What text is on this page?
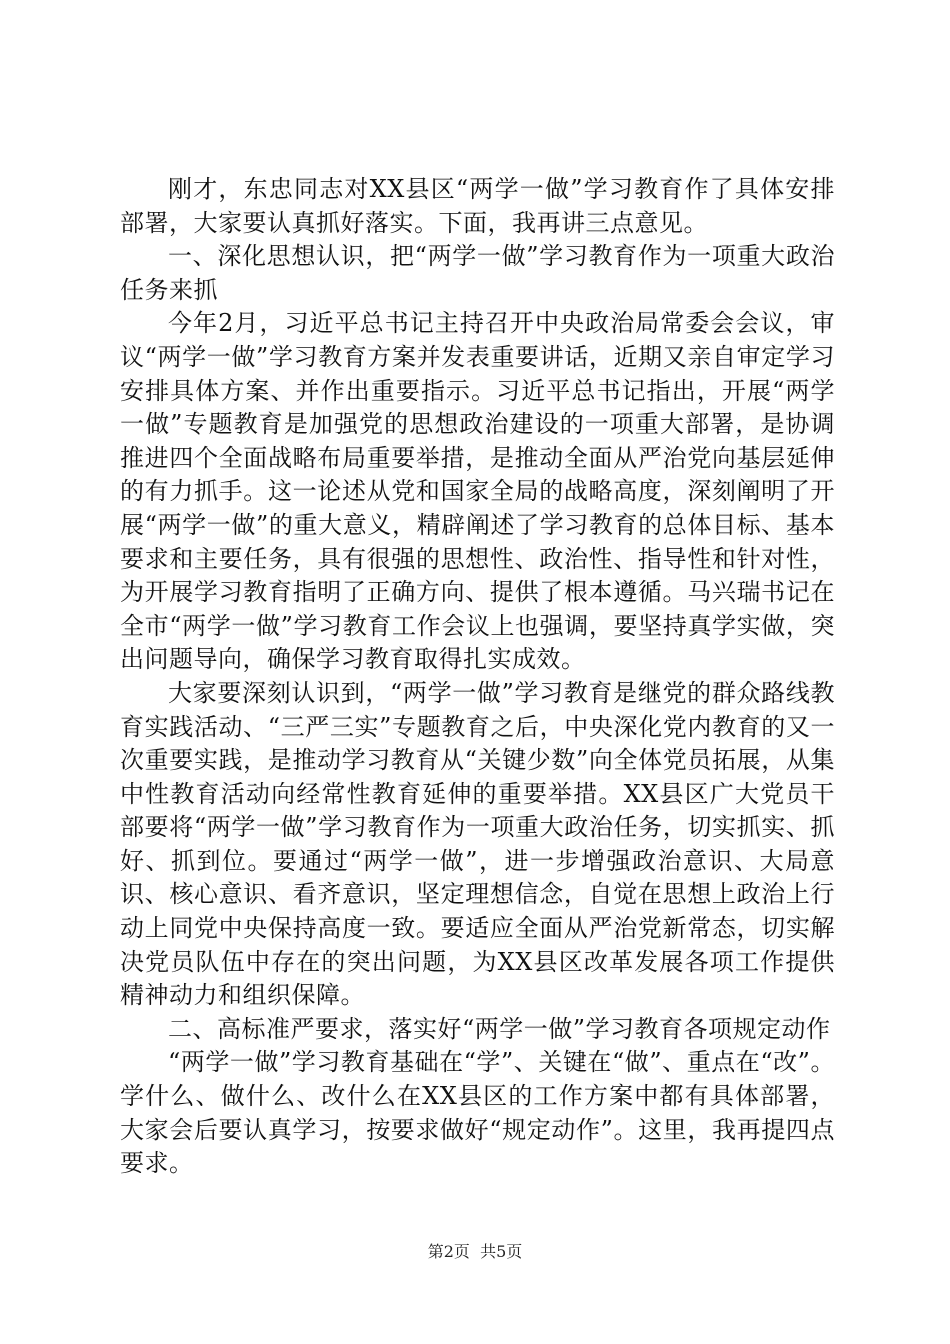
刚才，东忠同志对XX县区“两学一做”学习教育作了具体安排部署，大家要认真抓好落实。下面，我再讲三点意见。

一、深化思想认识，把“两学一做”学习教育作为一项重大政治任务来抓

今年2月，习近平总书记主持召开中央政治局常委会会议，审议“两学一做”学习教育方案并发表重要讲话，近期又亲自审定学习安排具体方案、并作出重要指示。习近平总书记指出，开展“两学一做”专题教育是加强党的思想政治建设的一项重大部署，是协调推进四个全面战略布局重要举措，是推动全面从严治党向基层延伸的有力抓手。这一论述从党和国家全局的战略高度，深刻阐明了开展“两学一做”的重大意义，精辟阐述了学习教育的总体目标、基本要求和主要任务，具有很强的思想性、政治性、指导性和针对性，为开展学习教育指明了正确方向、提供了根本遵循。马兴瑞书记在全市“两学一做”学习教育工作会议上也强调，要坚持真学实做，突出问题导向，确保学习教育取得扎实成效。

大家要深刻认识到，“两学一做”学习教育是继党的群众路线教育实践活动、“三严三实”专题教育之后，中央深化党内教育的又一次重要实践，是推动学习教育从“关键少数”向全体党员拓展，从集中性教育活动向经常性教育延伸的重要举措。XX县区广大党员干部要将“两学一做”学习教育作为一项重大政治任务，切实抓实、抓好、抓到位。要通过“两学一做”，进一步增强政治意识、大局意识、核心意识、看齐意识，坚定理想信念，自觉在思想上政治上行动上同党中央保持高度一致。要适应全面从严治党新常态，切实解决党员队伍中存在的突出问题，为XX县区改革发展各项工作提供精神动力和组织保障。

二、高标准严要求，落实好“两学一做”学习教育各项规定动作

“两学一做”学习教育基础在“学”、关键在“做”、重点在“改”。学什么、做什么、改什么在XX县区的工作方案中都有具体部署，大家会后要认真学习，按要求做好“规定动作”。这里，我再提四点要求。

第2页  共5页
